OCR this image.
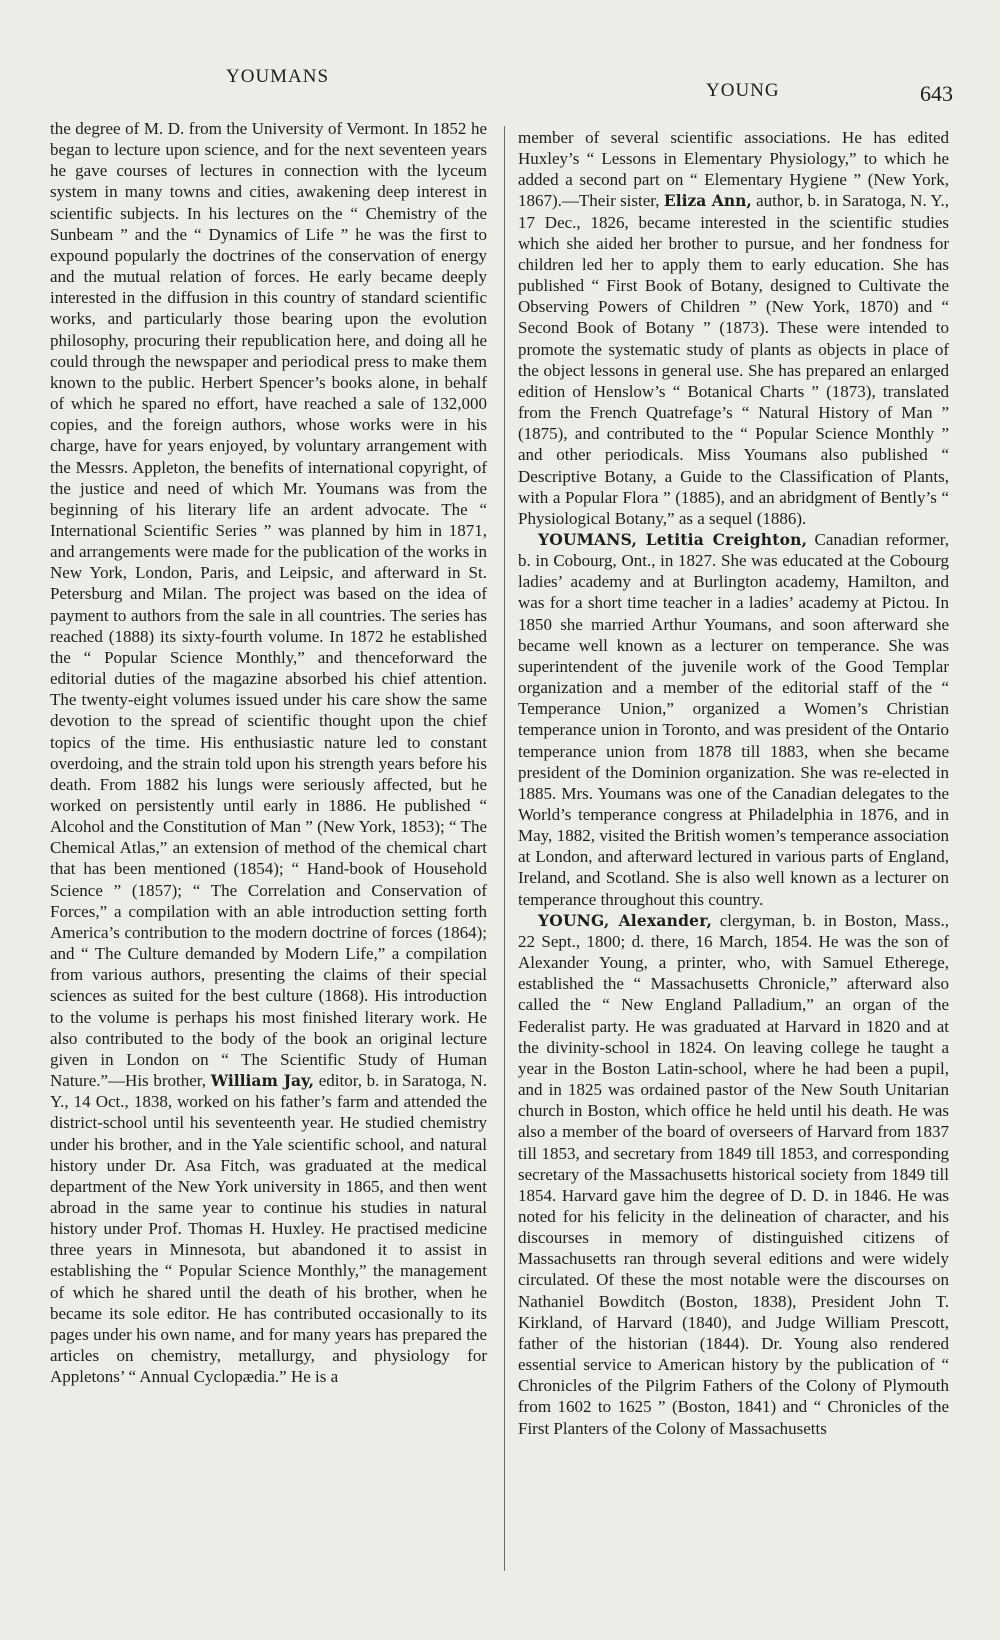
YOUMANS
YOUNG	643

the degree of M. D. from the University of Vermont. In 1852 he began to lecture upon science, and for the next seventeen years he gave courses of lectures in connection with the lyceum system in many towns and cities, awakening deep interest in scientific subjects. In his lectures on the “ Chemistry of the Sunbeam ” and the “ Dynamics of Life ” he was the first to expound popularly the doctrines of the conservation of energy and the mutual relation of forces. He early became deeply interested in the diffusion in this country of standard scientific works, and particularly those bearing upon the evolution philosophy, procuring their republication here, and doing all he could through the newspaper and periodical press to make them known to the public. Herbert Spencer’s books alone, in behalf of which he spared no effort, have reached a sale of 132,000 copies, and the foreign authors, whose works were in his charge, have for years enjoyed, by voluntary arrangement with the Messrs. Appleton, the benefits of international copyright, of the justice and need of which Mr. Youmans was from the beginning of his literary life an ardent advocate. The “ International Scientific Series ” was planned by him in 1871, and arrangements were made for the publication of the works in New York, London, Paris, and Leipsic, and afterward in St. Petersburg and Milan. The project was based on the idea of payment to authors from the sale in all countries. The series has reached (1888) its sixty-fourth volume. In 1872 he established the “ Popular Science Monthly,” and thenceforward the editorial duties of the magazine absorbed his chief attention. The twenty-eight volumes issued under his care show the same devotion to the spread of scientific thought upon the chief topics of the time. His enthusiastic nature led to constant overdoing, and the strain told upon his strength years before his death. From 1882 his lungs were seriously affected, but he worked on persistently until early in 1886. He published “ Alcohol and the Constitution of Man ” (New York, 1853); “ The Chemical Atlas,” an extension of method of the chemical chart that has been mentioned (1854); “ Hand-book of Household Science ” (1857); “ The Correlation and Conservation of Forces,” a compilation with an able introduction setting forth America’s contribution to the modern doctrine of forces (1864); and “ The Culture demanded by Modern Life,” a compilation from various authors, presenting the claims of their special sciences as suited for the best culture (1868). His introduction to the volume is perhaps his most finished literary work. He also contributed to the body of the book an original lecture given in London on “ The Scientific Study of Human Nature.”—His brother, William Jay, editor, b. in Saratoga, N. Y., 14 Oct., 1838, worked on his father’s farm and attended the district-school until his seventeenth year. He studied chemistry under his brother, and in the Yale scientific school, and natural history under Dr. Asa Fitch, was graduated at the medical department of the New York university in 1865, and then went abroad in the same year to continue his studies in natural history under Prof. Thomas H. Huxley. He practised medicine three years in Minnesota, but abandoned it to assist in establishing the “ Popular Science Monthly,” the management of which he shared until the death of his brother, when he became its sole editor. He has contributed occasionally to its pages under his own name, and for many years has prepared the articles on chemistry, metallurgy, and physiology for Appletons’ “ Annual Cyclopædia.” He is a

member of several scientific associations. He has edited Huxley’s “ Lessons in Elementary Physiology,” to which he added a second part on “ Elementary Hygiene ” (New York, 1867).—Their sister, Eliza Ann, author, b. in Saratoga, N. Y., 17 Dec., 1826, became interested in the scientific studies which she aided her brother to pursue, and her fondness for children led her to apply them to early education. She has published “ First Book of Botany, designed to Cultivate the Observing Powers of Children ” (New York, 1870) and “ Second Book of Botany ” (1873). These were intended to promote the systematic study of plants as objects in place of the object lessons in general use. She has prepared an enlarged edition of Henslow’s “ Botanical Charts ” (1873), translated from the French Quatrefage’s “ Natural History of Man ” (1875), and contributed to the “ Popular Science Monthly ” and other periodicals. Miss Youmans also published “ Descriptive Botany, a Guide to the Classification of Plants, with a Popular Flora ” (1885), and an abridgment of Bently’s “ Physiological Botany,” as a sequel (1886).

YOUMANS, Letitia Creighton, Canadian reformer, b. in Cobourg, Ont., in 1827. She was educated at the Cobourg ladies’ academy and at Burlington academy, Hamilton, and was for a short time teacher in a ladies’ academy at Pictou. In 1850 she married Arthur Youmans, and soon afterward she became well known as a lecturer on temperance. She was superintendent of the juvenile work of the Good Templar organization and a member of the editorial staff of the “ Temperance Union,” organized a Women’s Christian temperance union in Toronto, and was president of the Ontario temperance union from 1878 till 1883, when she became president of the Dominion organization. She was re-elected in 1885. Mrs. Youmans was one of the Canadian delegates to the World’s temperance congress at Philadelphia in 1876, and in May, 1882, visited the British women’s temperance association at London, and afterward lectured in various parts of England, Ireland, and Scotland. She is also well known as a lecturer on temperance throughout this country.

YOUNG, Alexander, clergyman, b. in Boston, Mass., 22 Sept., 1800; d. there, 16 March, 1854. He was the son of Alexander Young, a printer, who, with Samuel Etherege, established the “ Massachusetts Chronicle,” afterward also called the “ New England Palladium,” an organ of the Federalist party. He was graduated at Harvard in 1820 and at the divinity-school in 1824. On leaving college he taught a year in the Boston Latin-school, where he had been a pupil, and in 1825 was ordained pastor of the New South Unitarian church in Boston, which office he held until his death. He was also a member of the board of overseers of Harvard from 1837 till 1853, and secretary from 1849 till 1853, and corresponding secretary of the Massachusetts historical society from 1849 till 1854. Harvard gave him the degree of D. D. in 1846. He was noted for his felicity in the delineation of character, and his discourses in memory of distinguished citizens of Massachusetts ran through several editions and were widely circulated. Of these the most notable were the discourses on Nathaniel Bowditch (Boston, 1838), President John T. Kirkland, of Harvard (1840), and Judge William Prescott, father of the historian (1844). Dr. Young also rendered essential service to American history by the publication of “ Chronicles of the Pilgrim Fathers of the Colony of Plymouth from 1602 to 1625 ” (Boston, 1841) and “ Chronicles of the First Planters of the Colony of Massachusetts
